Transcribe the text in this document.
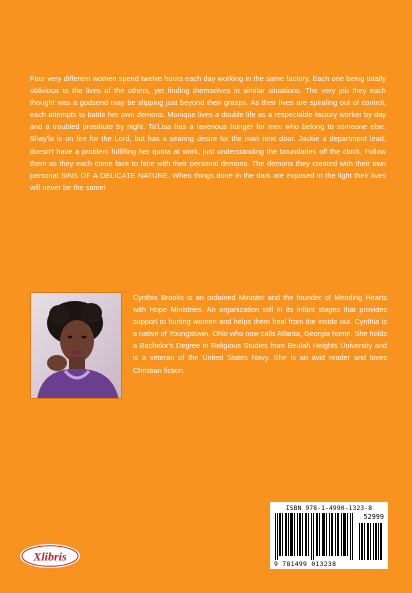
Four very different women spend twelve hours each day working in the same factory. Each one being totally oblivious to the lives of the others, yet finding themselves in similar situations. The very job they each thought was a godsend may be slipping just beyond their grasps. As their lives are spiraling out of control, each attempts to battle her own demons. Monique lives a double life as a respectable factory worker by day and a troubled prostitute by night. Ta'Lisa has a ravenous hunger for men who belong to someone else. Shay'la is on fire for the Lord, but has a searing desire for the man next door. Jackie a department lead, doesn't have a problem fulfilling her quota at work, just understanding the boundaries off the clock. Follow them as they each come face to face with their personal demons. The demons they created with their own personal SINS OF A DELICATE NATURE. When things done in the dark are exposed in the light their lives will never be the same!

Cynthia Brooks is an ordained Minister and the founder of Mending Hearts with Hope Ministries. An organization still in its infant stages that provides support to hurting women and helps them heal from the inside out. Cynthia is a native of Youngstown, Ohio who now calls Atlanta, Georgia home. She holds a Bachelor's Degree in Religious Studies from Beulah Heights University and is a veteran of the United States Navy. She is an avid reader and loves Christian fiction.

ISBN 978-1-4990-1323-8
52999
9 781499 013238
Xlibris
